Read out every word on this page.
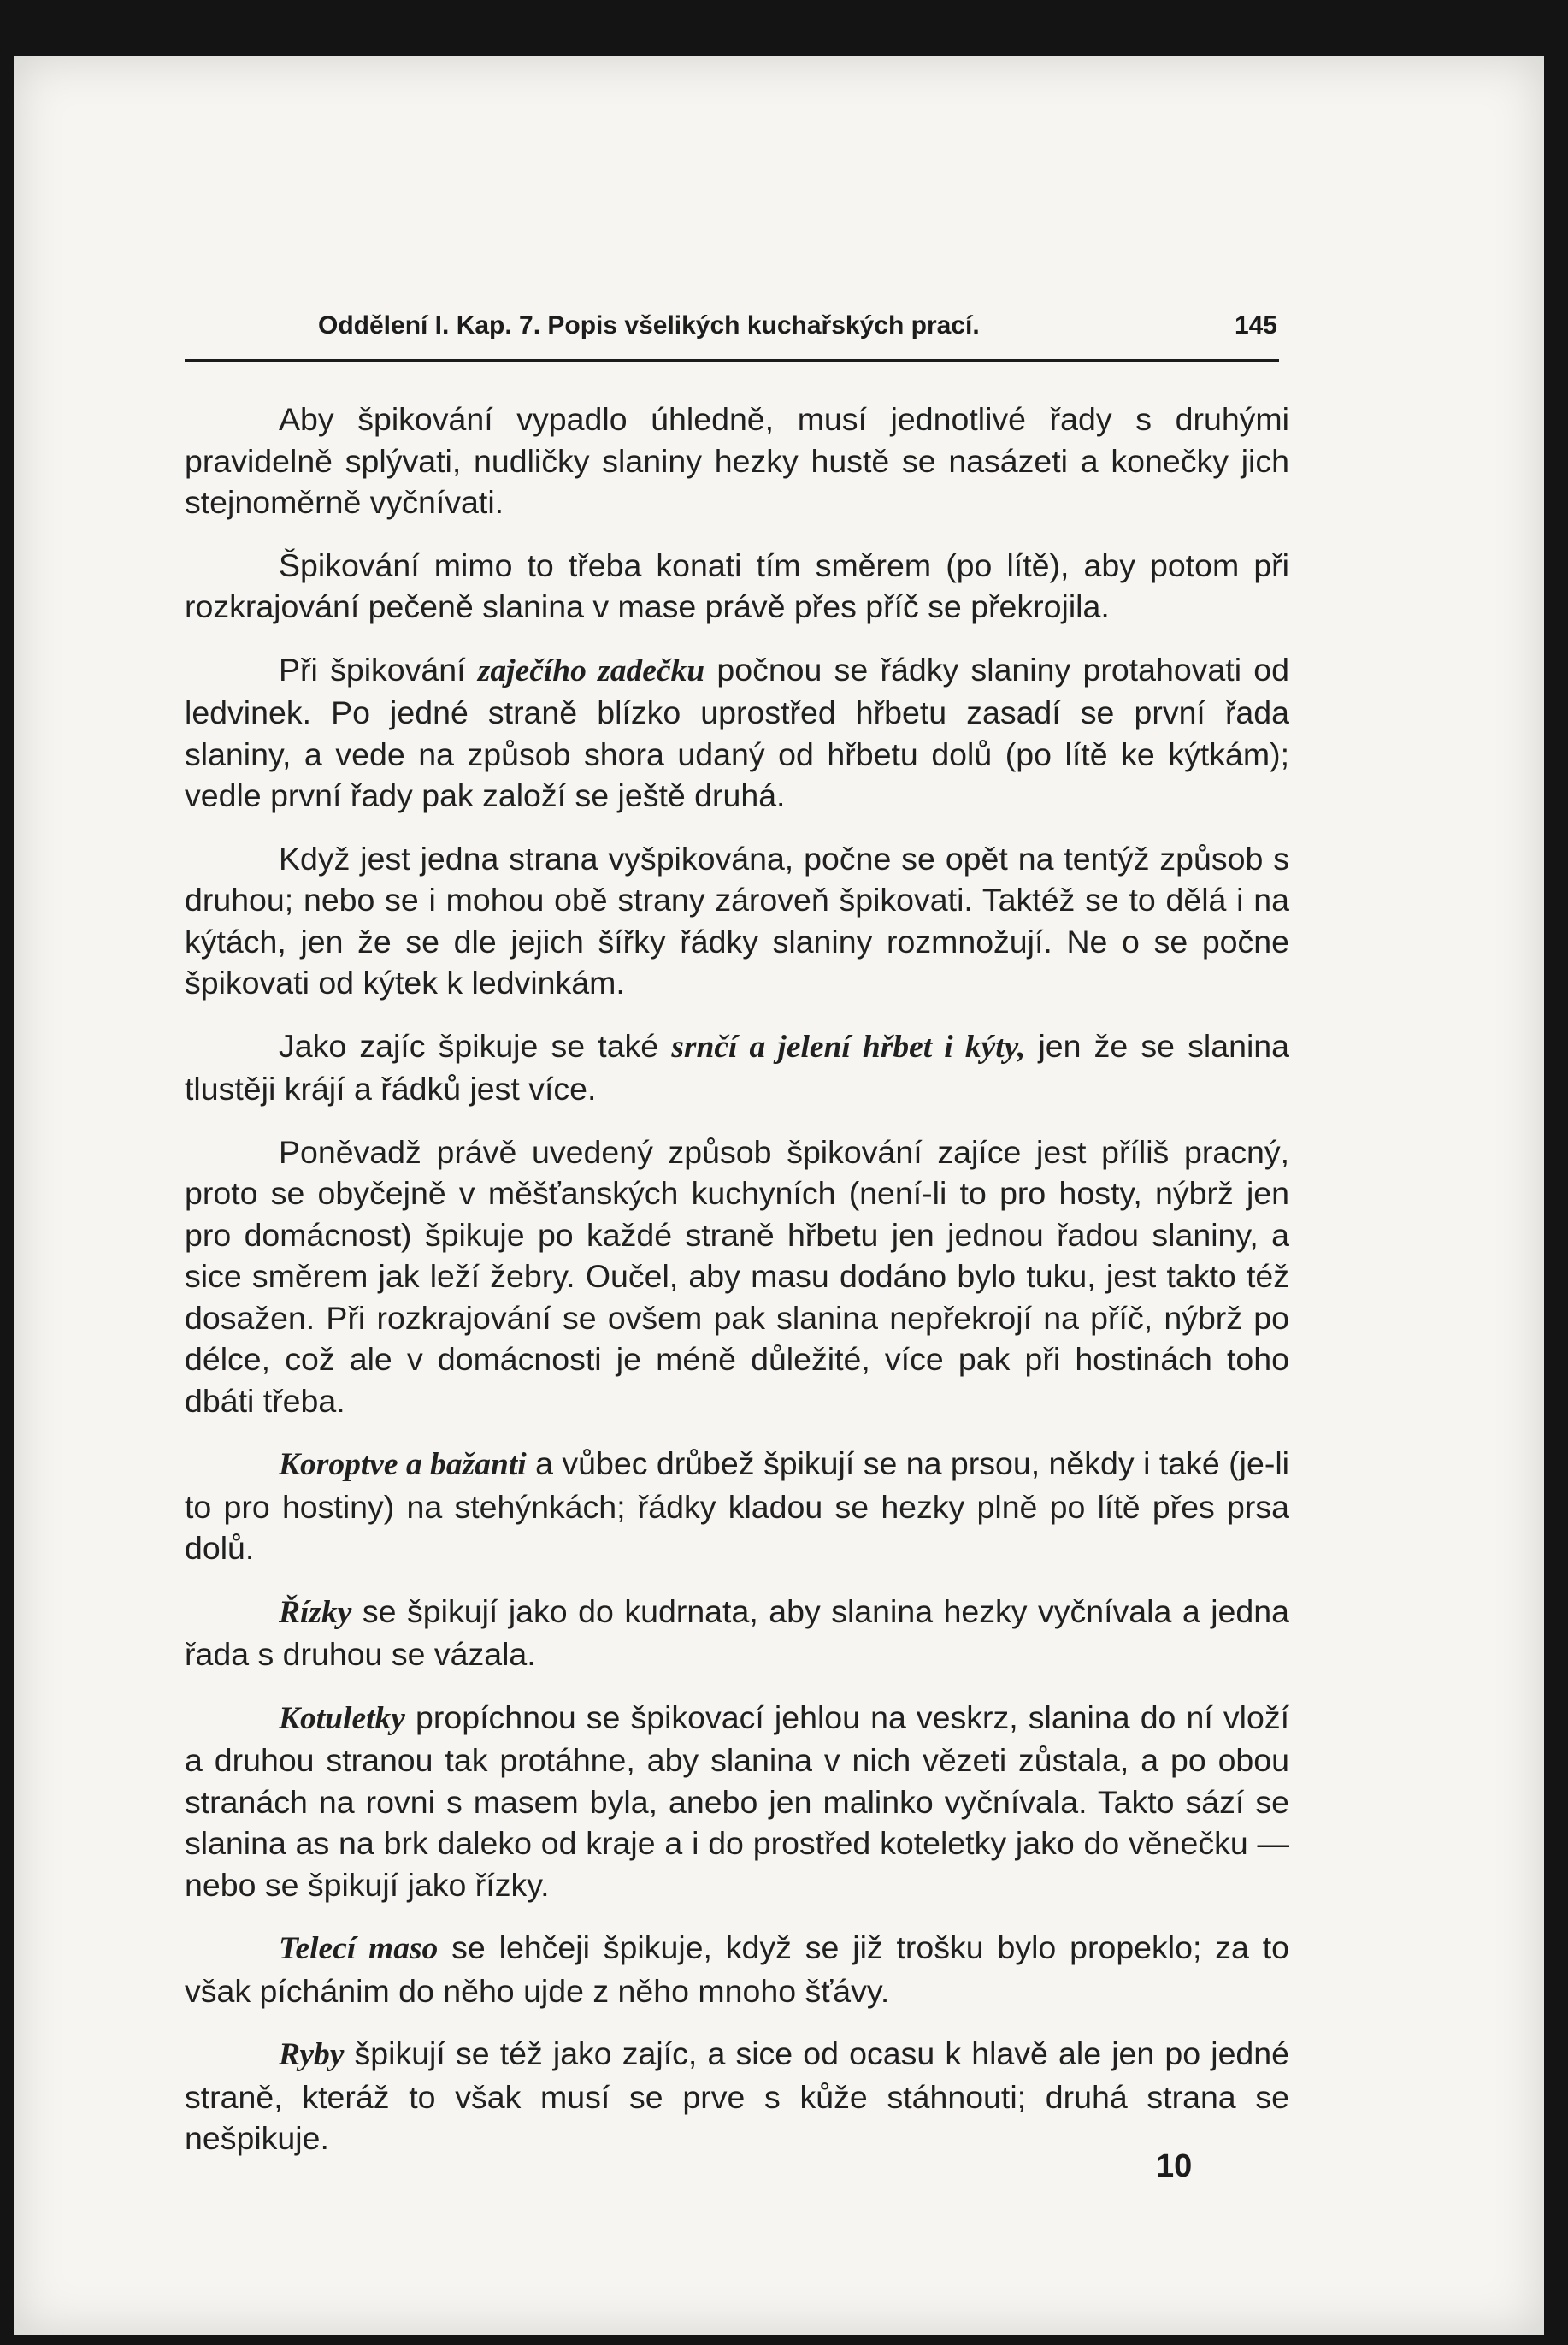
Oddělení I. Kap. 7. Popis všelikých kuchařských prací.	145

Aby špikování vypadlo úhledně, musí jednotlivé řady s druhými pravidelně splývati, nudličky slaniny hezky hustě se nasázeti a konečky jich stejnoměrně vyčnívati.

Špikování mimo to třeba konati tím směrem (po lítě), aby potom při rozkrajování pečeně slanina v mase právě přes příč se překrojila.

Při špikování zaječího zadečku počnou se řádky slaniny protahovati od ledvinek. Po jedné straně blízko uprostřed hřbetu zasadí se první řada slaniny, a vede na způsob shora udaný od hřbetu dolů (po lítě ke kýtkám); vedle první řady pak založí se ještě druhá.

Když jest jedna strana vyšpikována, počne se opět na tentýž způsob s druhou; nebo se i mohou obě strany zároveň špikovati. Taktéž se to dělá i na kýtách, jen že se dle jejich šířky řádky slaniny rozmnožují. Ne o se počne špikovati od kýtek k ledvinkám.

Jako zajíc špikuje se také srnčí a jelení hřbet i kýty, jen že se slanina tlustěji krájí a řádků jest více.

Poněvadž právě uvedený způsob špikování zajíce jest příliš pracný, proto se obyčejně v měšťanských kuchyních (není-li to pro hosty, nýbrž jen pro domácnost) špikuje po každé straně hřbetu jen jednou řadou slaniny, a sice směrem jak leží žebry. Oučel, aby masu dodáno bylo tuku, jest takto též dosažen. Při rozkrajování se ovšem pak slanina nepřekrojí na příč, nýbrž po délce, což ale v domácnosti je méně důležité, více pak při hostinách toho dbáti třeba.

Koroptve a bažanti a vůbec drůbež špikují se na prsou, někdy i také (je-li to pro hostiny) na stehýnkách; řádky kladou se hezky plně po lítě přes prsa dolů.

Řízky se špikují jako do kudrnata, aby slanina hezky vyčnívala a jedna řada s druhou se vázala.

Kotuletky propíchnou se špikovací jehlou na veskrz, slanina do ní vloží a druhou stranou tak protáhne, aby slanina v nich vězeti zůstala, a po obou stranách na rovni s masem byla, anebo jen malinko vyčnívala. Takto sází se slanina as na brk daleko od kraje a i do prostřed koteletky jako do věnečku — nebo se špikují jako řízky.

Telecí maso se lehčeji špikuje, když se již trošku bylo propeklo; za to však píchánim do něho ujde z něho mnoho šťávy.

Ryby špikují se též jako zajíc, a sice od ocasu k hlavě ale jen po jedné straně, kteráž to však musí se prve s kůže stáhnouti; druhá strana se nešpikuje.

10
